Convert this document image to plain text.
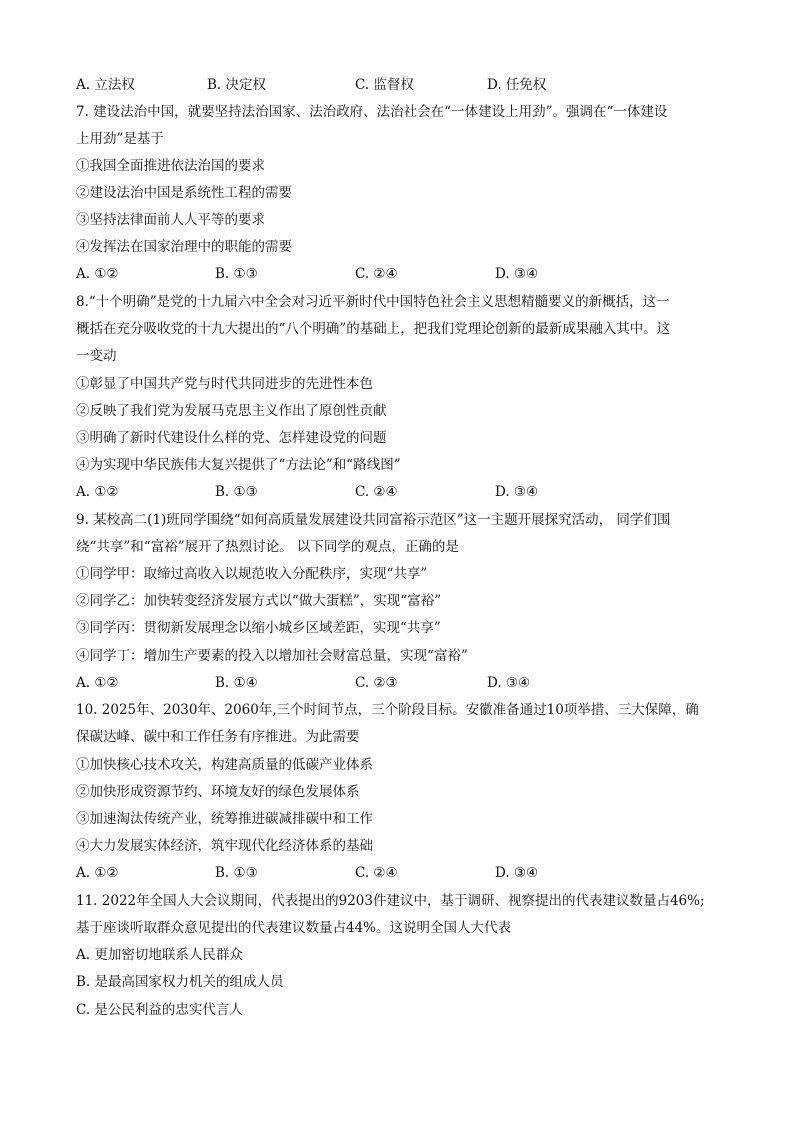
A. 立法权	B. 决定权	C. 监督权	D. 任免权
7. 建设法治中国，就要坚持法治国家、法治政府、法治社会在“一体建设上用劲”。强调在“一体建设
上用劲”是基于
①我国全面推进依法治国的要求
②建设法治中国是系统性工程的需要
③坚持法律面前人人平等的要求
④发挥法在国家治理中的职能的需要
A. ①②	B. ①③	C. ②④	D. ③④
8.“十个明确”是党的十九届六中全会对习近平新时代中国特色社会主义思想精髓要义的新概括，这一
概括在充分吸收党的十九大提出的“八个明确”的基础上，把我们党理论创新的最新成果融入其中。这
一变动
①彰显了中国共产党与时代共同进步的先进性本色
②反映了我们党为发展马克思主义作出了原创性贡献
③明确了新时代建设什么样的党、怎样建设党的问题
④为实现中华民族伟大复兴提供了“方法论”和“路线图”
A. ①②	B. ①③	C. ②④	D. ③④
9. 某校高二(1)班同学围绕“如何高质量发展建设共同富裕示范区”这一主题开展探究活动， 同学们围
绕“共享”和“富裕”展开了热烈讨论。 以下同学的观点，正确的是
①同学甲：取缔过高收入以规范收入分配秩序，实现“共享”
②同学乙：加快转变经济发展方式以“做大蛋糕”，实现“富裕”
③同学丙：贯彻新发展理念以缩小城乡区域差距，实现“共享”
④同学丁：增加生产要素的投入以增加社会财富总量，实现“富裕”
A. ①②	B. ①④	C. ②③	D. ③④
10. 2025年、2030年、2060年,三个时间节点，三个阶段目标。安徽准备通过10项举措、三大保障，确
保碳达峰、碳中和工作任务有序推进。为此需要
①加快核心技术攻关，构建高质量的低碳产业体系
②加快形成资源节约、环境友好的绿色发展体系
③加速淘汰传统产业，统筹推进碳减排碳中和工作
④大力发展实体经济，筑牢现代化经济体系的基础
A. ①②	B. ①③	C. ②④	D. ③④
11. 2022年全国人大会议期间，代表提出的9203件建议中，基于调研、视察提出的代表建议数量占46%;
基于座谈听取群众意见提出的代表建议数量占44%。这说明全国人大代表
A. 更加密切地联系人民群众
B. 是最高国家权力机关的组成人员
C. 是公民利益的忠实代言人
